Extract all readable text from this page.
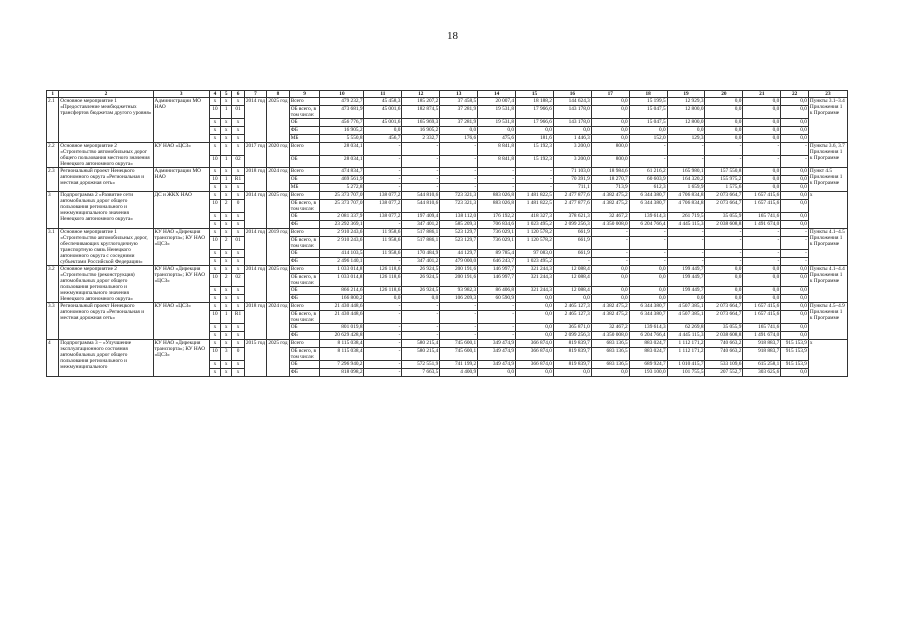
18
1	2	3	4	5	6	7	8	9	10	11	12	13	14	15	16	17	18	19	20	21	22	23
2.1	Основное мероприятие 1 «Предоставление межбюджетных трансфертов бюджетам другого уровня»	Администрации МО НАО	x	x	x	2014 год	2025 год	Всего	479 232,7	45 458,3	185 207,2	37 458,5	20 007,4	18 188,2	144 624,3	0,0	15 199,5	12 929,3	0,0	0,0	0,0	Пункты 3.1–3.4 Приложения 1 к Программе
			10	1	01			ОБ всего, в том числе:	473 681,9	45 001,6	182 874,5	37 281,9	19 531,8	17 966,6	143 178,0	0,0	15 047,5	12 800,0	0,0	0,0	0,0	
			x	x	x			ОБ	456 776,7	45 001,6	165 969,3	37 281,9	19 531,8	17 966,6	143 178,0	0,0	15 047,5	12 800,0	0,0	0,0	0,0	
			x	x	x			ФБ	16 905,2	0,0	16 905,2	0,0	0,0	0,0	0,0	0,0	0,0	0,0	0,0	0,0	0,0	
			x	x	x			МБ	5 550,8	456,7	2 332,7	176,6	475,6	181,6	1 446,3	0,0	152,0	129,3	0,0	0,0	0,0	
2.2	Основное мероприятие 2 «Строительство автомобильных дорог общего пользования местного значения Ненецкого автономного округа»	КУ НАО «ЦСЗ»	x	x	x	2017 год	2020 год	Всего	28 034,1	-	-	-	8 841,8	15 192,3	3 200,0	800,0	-	-	-	-	-	Пункты 3.6, 3.7 Приложения 1 к Программе
			10	1	02			ОБ	28 034,1	-	-	-	8 841,8	15 192,3	3 200,0	800,0	-	-	-	-	-	
2.3	Региональный проект Ненецкого автономного округа «Региональная и местная дорожная сеть»	Администрации МО НАО	x	x	x	2018 год	2024 год	Всего	474 834,7	-	-	-	-	-	71 103,0	18 984,6	61 216,2	165 980,1	157 550,8	0,0	0,0	Пункт 4.5 Приложения 1 к Программе
			10	1	R1			ОБ	469 561,9	-	-	-	-	-	70 391,9	18 270,7	60 603,9	164 320,2	155 975,2	0,0	0,0	
			x	x	x			МБ	5 272,8	-	-	-	-	-	711,1	713,9	612,3	1 659,9	1 575,6	0,0	0,0	
3	Подпрограмма 2 «Развитие сети автомобильных дорог общего пользования регионального и межмуниципального значения Ненецкого автономного округа»	ДС и ЖКХ НАО	x	x	x	2014 год	2025 год	Всего	25 373 707,0	138 077,2	544 810,6	723 321,3	883 026,8	1 481 822,5	2 477 877,6	4 382 475,2	6 344 380,7	4 706 834,8	2 073 664,7	1 657 415,6	0,0	x
			10	2	0			ОБ всего, в том числе:	25 373 707,0	138 077,2	544 810,6	723 321,3	883 026,8	1 481 822,5	2 477 877,6	4 382 475,2	6 344 380,7	4 706 834,8	2 073 664,7	1 657 415,6	0,0	
			x	x	x			ОБ	2 081 337,9	138 077,2	197 409,4	138 112,0	176 192,2	418 327,3	378 621,3	32 467,2	139 614,3	261 719,5	35 055,9	165 741,6	0,0	
			x	x	x			ФБ	23 292 369,1	-	347 401,2	585 209,3	706 834,6	1 023 495,2	2 099 256,3	4 350 008,0	6 204 766,4	4 445 115,3	2 038 608,8	1 491 674,0	0,0	
3.1	Основное мероприятие 1 «Строительство автомобильных дорог, обеспечивающих круглогодичную транспортную связь Ненецкого автономного округа с соседними субъектами Российской Федерации»	КУ НАО «Дирекция транспорта»; КУ НАО «ЦСЗ»	x	x	x	2014 год	2019 год	Всего	2 910 243,6	11 958,6	517 886,1	523 129,7	736 029,1	1 120 578,2	661,9	-	-	-	-	-	-	Пункты 4.1–4.5 Приложения 1 к Программе
			10	2	01			ОБ всего, в том числе:	2 910 243,6	11 958,6	517 886,1	523 129,7	736 029,1	1 120 578,2	661,9	-	-	-	-	-	-	
			x	x	x			ОБ	414 103,5	11 958,6	170 484,9	44 129,7	89 785,4	97 083,0	661,9	-	-	-	-	-	-	
			x	x	x			ФБ	2 496 140,1	-	347 401,2	479 000,0	646 243,7	1 023 495,2	-	-	-	-	-	-	-	
3.2	Основное мероприятие 2 «Строительство (реконструкция) автомобильных дорог общего пользования регионального и межмуниципального значения Ненецкого автономного округа»	КУ НАО «Дирекция транспорта»; КУ НАО «ЦСЗ»	x	x	x	2014 год	2025 год	Всего	1 033 014,8	126 118,6	26 924,5	200 191,6	146 997,7	321 244,3	12 088,4	0,0	0,0	199 449,7	0,0	0,0	0,0	Пункты 4.1–4.4 Приложения 1 к Программе
			10	2	02			ОБ всего, в том числе:	1 033 014,8	126 118,6	26 924,5	200 191,6	146 997,7	321 244,3	12 088,4	0,0	0,0	199 449,7	0,0	0,0	0,0	
			x	x	x			ОБ	866 214,6	126 118,6	26 924,5	93 982,3	86 406,8	321 244,3	12 088,4	0,0	0,0	199 449,7	0,0	0,0	0,0	
			x	x	x			ФБ	166 800,2	0,0	0,0	106 209,3	60 590,9	0,0	0,0	0,0	0,0	0,0	0,0	0,0	0,0	
3.3	Региональный проект Ненецкого автономного округа «Региональная и местная дорожная сеть»	КУ НАО «ЦСЗ»	x	x	x	2018 год	2024 год	Всего	21 430 448,6	-	-	-	-	0,0	2 465 127,3	4 382 475,2	6 344 380,7	4 507 385,1	2 073 664,7	1 657 415,6	0,0	Пункты 4.5–4.9 Приложения 1 к Программе
			10	1	R1			ОБ всего, в том числе:	21 430 448,6	-	-	-	-	0,0	2 465 127,3	4 382 475,2	6 344 380,7	4 507 385,1	2 073 664,7	1 657 415,6	0,0	
			x	x	x			ОБ	801 019,8	-	-	-	-	0,0	365 871,0	32 467,2	139 614,3	62 269,8	35 055,9	165 741,6	0,0	
			x	x	x			ФБ	20 629 428,8	-	-	-	-	0,0	2 099 256,3	4 350 008,0	6 204 766,4	4 445 115,3	2 038 608,8	1 491 674,0	0,0	
4	Подпрограмма 3 – «Улучшение эксплуатационного состояния автомобильных дорог общего пользования регионального и межмуниципального	КУ НАО «Дирекция транспорта»; КУ НАО «ЦСЗ»	x	x	x	2015 год	2025 год	Всего	8 115 038,4	-	580 215,4	745 600,1	349 474,9	366 874,0	819 839,7	683 136,5	883 024,7	1 112 171,2	740 663,2	918 883,7	915 153,9	x
			10	3	0			ОБ всего, в том числе:	8 115 038,4	-	580 215,4	745 600,1	349 474,9	366 874,0	819 839,7	683 136,5	883 024,7	1 112 171,2	740 663,2	918 883,7	915 153,9	
			x	x	x			ОБ	7 296 940,2	-	572 551,9	741 199,2	349 474,9	366 874,0	819 839,7	683 136,5	689 924,7	1 010 415,7	533 109,6	615 258,1	915 153,9	
			x	x	x			ФБ	818 098,2	-	7 663,5	4 400,9	0,0	0,0	0,0	0,0	193 100,0	101 755,5	207 552,7	303 625,6	0,0	
